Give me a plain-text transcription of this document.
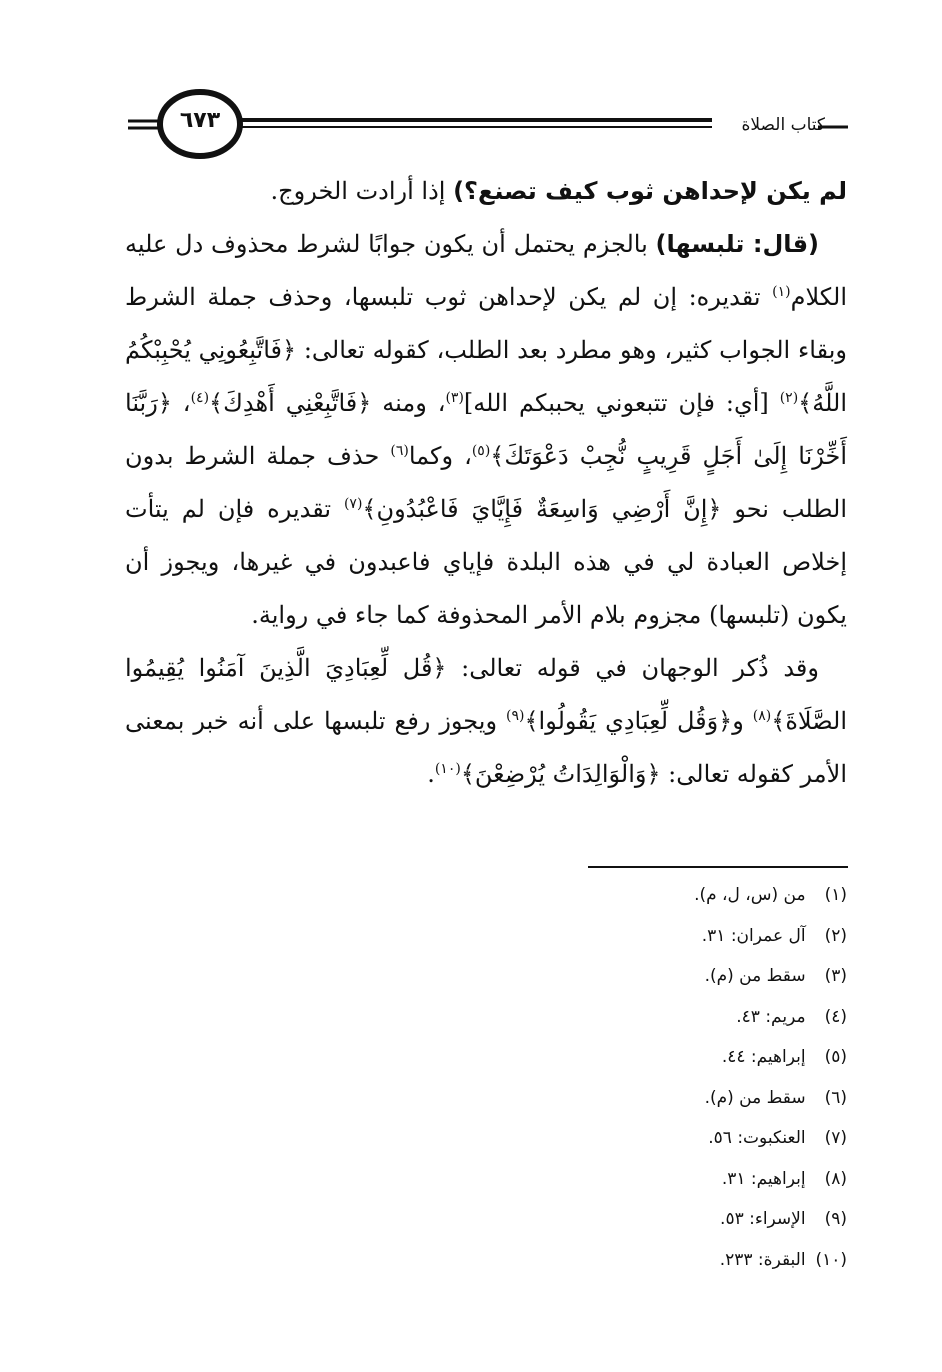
كتاب الصلاة
٦٧٣

لم يكن لإحداهن ثوب كيف تصنع؟) إذا أرادت الخروج.

(قال: تلبسها) بالجزم يحتمل أن يكون جوابًا لشرط محذوف دل عليه الكلام$^{(١)}$ تقديره: إن لم يكن لإحداهن ثوب تلبسها، وحذف جملة الشرط وبقاء الجواب كثير، وهو مطرد بعد الطلب، كقوله تعالى: ﴿فَاتَّبِعُونِي يُحْبِبْكُمُ اللَّهُ﴾$^{(٢)}$ [أي: فإن تتبعوني يحببكم الله]$^{(٣)}$، ومنه ﴿فَاتَّبِعْنِي أَهْدِكَ﴾$^{(٤)}$، ﴿رَبَّنَا أَخِّرْنَا إِلَىٰ أَجَلٍ قَرِيبٍ نُّجِبْ دَعْوَتَكَ﴾$^{(٥)}$، وكما$^{(٦)}$ حذف جملة الشرط بدون الطلب نحو ﴿إِنَّ أَرْضِي وَاسِعَةٌ فَإِيَّايَ فَاعْبُدُونِ﴾$^{(٧)}$ تقديره فإن لم يتأت إخلاص العبادة لي في هذه البلدة فإياي فاعبدون في غيرها، ويجوز أن يكون (تلبسها) مجزوم بلام الأمر المحذوفة كما جاء في رواية.

وقد ذُكر الوجهان في قوله تعالى: ﴿قُل لِّعِبَادِيَ الَّذِينَ آمَنُوا يُقِيمُوا الصَّلَاةَ﴾$^{(٨)}$ و﴿وَقُل لِّعِبَادِي يَقُولُوا﴾$^{(٩)}$ ويجوز رفع تلبسها على أنه خبر بمعنى الأمر كقوله تعالى: ﴿وَالْوَالِدَاتُ يُرْضِعْنَ﴾$^{(١٠)}$.

(١) من (س، ل، م).
(٢) آل عمران: ٣١.
(٣) سقط من (م).
(٤) مريم: ٤٣.
(٥) إبراهيم: ٤٤.
(٦) سقط من (م).
(٧) العنكبوت: ٥٦.
(٨) إبراهيم: ٣١.
(٩) الإسراء: ٥٣.
(١٠) البقرة: ٢٣٣.
